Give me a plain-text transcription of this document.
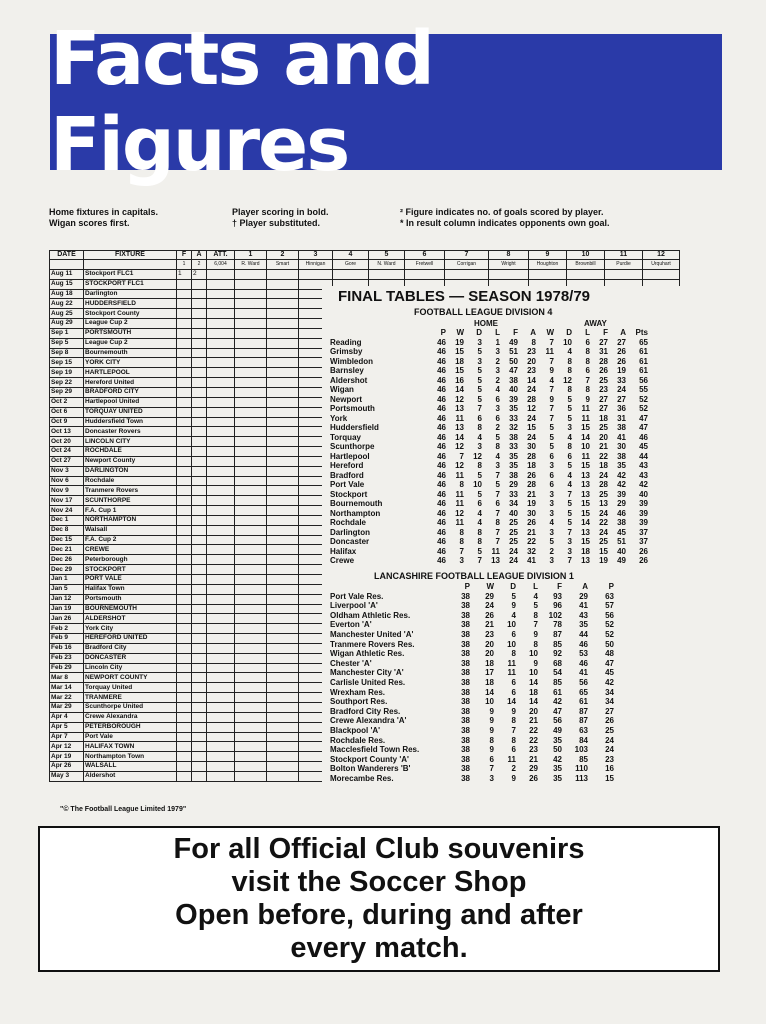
Facts and Figures
Home fixtures in capitals.
Wigan scores first.
Player scoring in bold.
† Player substituted.
² Figure indicates no. of goals scored by player.
* In result column indicates opponents own goal.
DATE	FIXTURE	F	A	ATT.	1	2	3	4	5	6	7	8	9	10	11	12
		1	2	6,004	R. Ward	Smart	Hinnigan	Gore	N. Ward	Fretwell	Corrigan	Wright	Houghton	Brownbill	Purdie	Urquhart
Aug 11	Stockport FLC1	1	2													
Aug 15	STOCKPORT FLC1															
Aug 18	Darlington															
Aug 22	HUDDERSFIELD															
Aug 25	Stockport County															
Aug 29	League Cup 2															
Sep 1	PORTSMOUTH															
Sep 5	League Cup 2															
Sep 8	Bournemouth															
Sep 15	YORK CITY															
Sep 19	HARTLEPOOL															
Sep 22	Hereford United															
Sep 29	BRADFORD CITY															
Oct 2	Hartlepool United															
Oct 6	TORQUAY UNITED															
Oct 9	Huddersfield Town															
Oct 13	Doncaster Rovers															
Oct 20	LINCOLN CITY															
Oct 24	ROCHDALE															
Oct 27	Newport County															
Nov 3	DARLINGTON															
Nov 6	Rochdale															
Nov 9	Tranmere Rovers															
Nov 17	SCUNTHORPE															
Nov 24	F.A. Cup 1															
Dec 1	NORTHAMPTON															
Dec 8	Walsall															
Dec 15	F.A. Cup 2															
Dec 21	CREWE															
Dec 26	Peterborough															
Dec 29	STOCKPORT															
Jan 1	PORT VALE															
Jan 5	Halifax Town															
Jan 12	Portsmouth															
Jan 19	BOURNEMOUTH															
Jan 26	ALDERSHOT															
Feb 2	York City															
Feb 9	HEREFORD UNITED															
Feb 16	Bradford City															
Feb 23	DONCASTER															
Feb 29	Lincoln City															
Mar 8	NEWPORT COUNTY															
Mar 14	Torquay United															
Mar 22	TRANMERE															
Mar 29	Scunthorpe United															
Apr 4	Crewe Alexandra															
Apr 5	PETERBOROUGH															
Apr 7	Port Vale															
Apr 12	HALIFAX TOWN															
Apr 19	Northampton Town															
Apr 26	WALSALL															
May 3	Aldershot															
FINAL TABLES — SEASON 1978/79
FOOTBALL LEAGUE DIVISION 4
HOME	AWAY
	P	W	D	L	F	A	W	D	L	F	A	Pts
Reading	46	19	3	1	49	8	7	10	6	27	27	65
Grimsby	46	15	5	3	51	23	11	4	8	31	26	61
Wimbledon	46	18	3	2	50	20	7	8	8	28	26	61
Barnsley	46	15	5	3	47	23	9	8	6	26	19	61
Aldershot	46	16	5	2	38	14	4	12	7	25	33	56
Wigan	46	14	5	4	40	24	7	8	8	23	24	55
Newport	46	12	5	6	39	28	9	5	9	27	27	52
Portsmouth	46	13	7	3	35	12	7	5	11	27	36	52
York	46	11	6	6	33	24	7	5	11	18	31	47
Huddersfield	46	13	8	2	32	15	5	3	15	25	38	47
Torquay	46	14	4	5	38	24	5	4	14	20	41	46
Scunthorpe	46	12	3	8	33	30	5	8	10	21	30	45
Hartlepool	46	7	12	4	35	28	6	6	11	22	38	44
Hereford	46	12	8	3	35	18	3	5	15	18	35	43
Bradford	46	11	5	7	38	26	6	4	13	24	42	43
Port Vale	46	8	10	5	29	28	6	4	13	28	42	42
Stockport	46	11	5	7	33	21	3	7	13	25	39	40
Bournemouth	46	11	6	6	34	19	3	5	15	13	29	39
Northampton	46	12	4	7	40	30	3	5	15	24	46	39
Rochdale	46	11	4	8	25	26	4	5	14	22	38	39
Darlington	46	8	8	7	25	21	3	7	13	24	45	37
Doncaster	46	8	8	7	25	22	5	3	15	25	51	37
Halifax	46	7	5	11	24	32	2	3	18	15	40	26
Crewe	46	3	7	13	24	41	3	7	13	19	49	26
LANCASHIRE FOOTBALL LEAGUE DIVISION 1
	P	W	D	L	F	A	P
Port Vale Res.	38	29	5	4	93	29	63
Liverpool 'A'	38	24	9	5	96	41	57
Oldham Athletic Res.	38	26	4	8	102	43	56
Everton 'A'	38	21	10	7	78	35	52
Manchester United 'A'	38	23	6	9	87	44	52
Tranmere Rovers Res.	38	20	10	8	85	46	50
Wigan Athletic Res.	38	20	8	10	92	53	48
Chester 'A'	38	18	11	9	68	46	47
Manchester City 'A'	38	17	11	10	54	41	45
Carlisle United Res.	38	18	6	14	85	56	42
Wrexham Res.	38	14	6	18	61	65	34
Southport Res.	38	10	14	14	42	61	34
Bradford City Res.	38	9	9	20	47	87	27
Crewe Alexandra 'A'	38	9	8	21	56	87	26
Blackpool 'A'	38	9	7	22	49	63	25
Rochdale Res.	38	8	8	22	35	84	24
Macclesfield Town Res.	38	9	6	23	50	103	24
Stockport County 'A'	38	6	11	21	42	85	23
Bolton Wanderers 'B'	38	7	2	29	35	110	16
Morecambe Res.	38	3	9	26	35	113	15
"© The Football League Limited 1979"
For all Official Club souvenirs
visit the Soccer Shop
Open before, during and after
every match.
